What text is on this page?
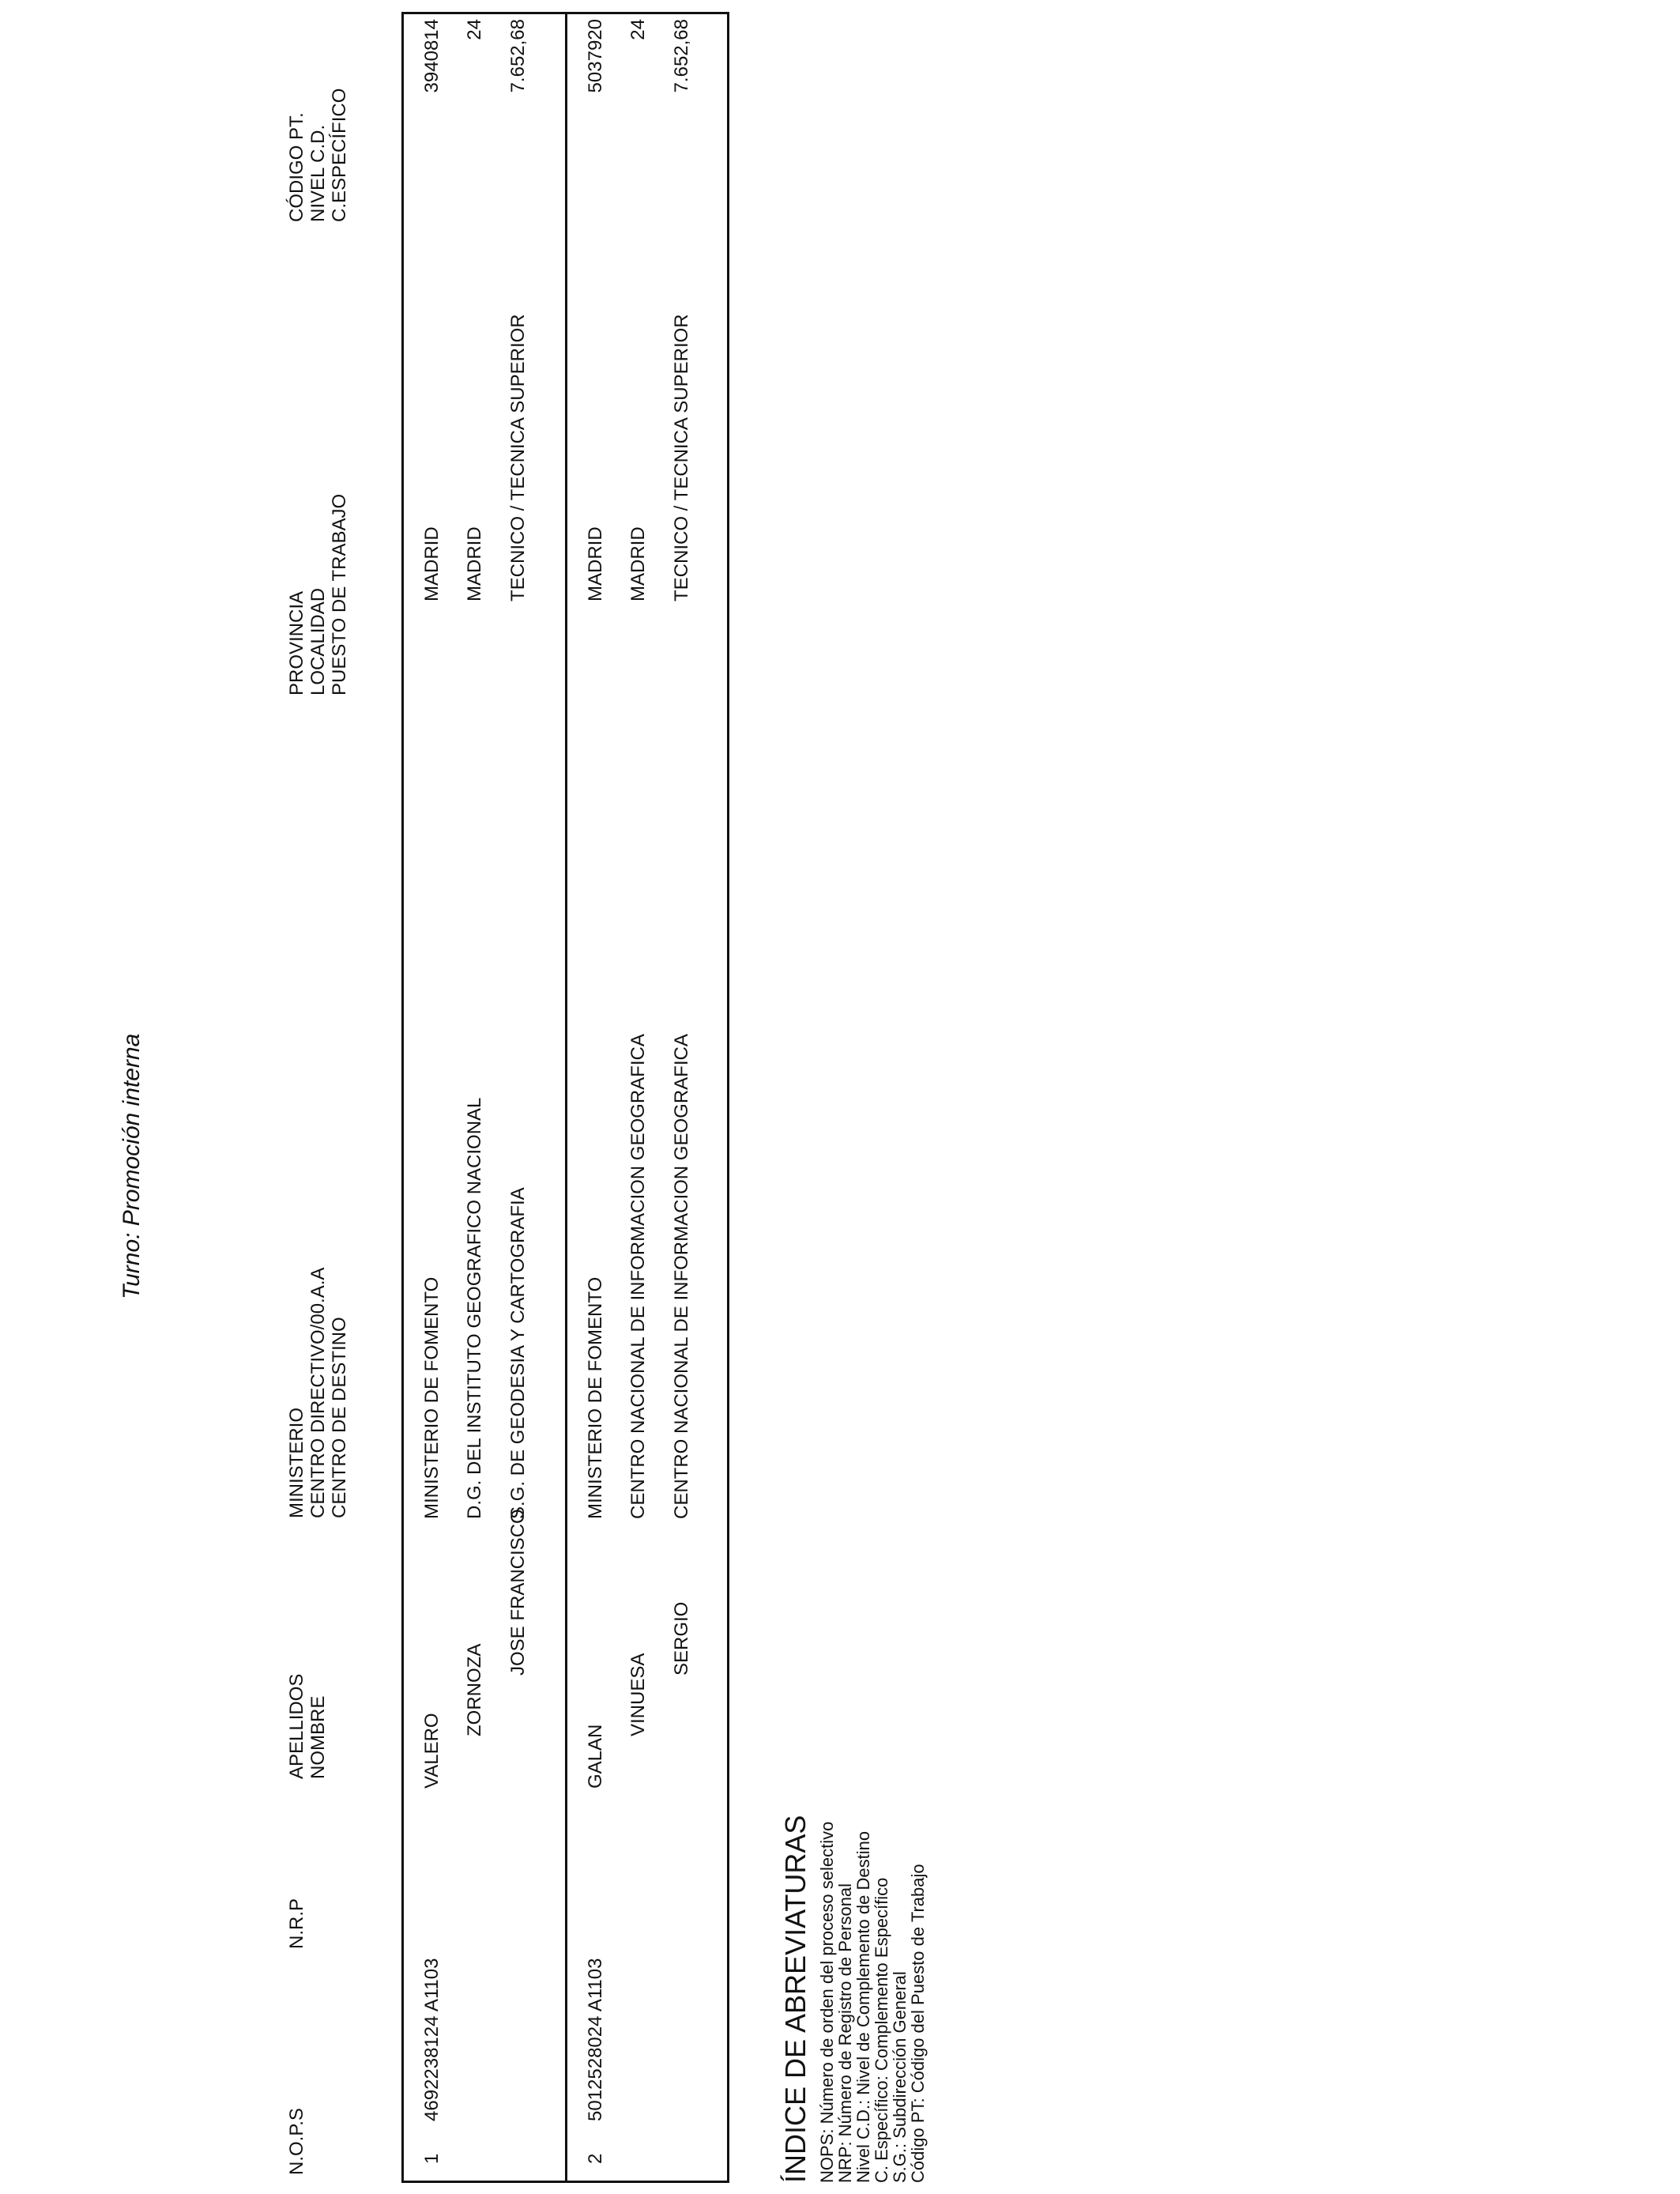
Turno: Promoción interna
N.O.P.S
N.R.P
APELLIDOS NOMBRE
MINISTERIO CENTRO DIRECTIVO/00.A.A CENTRO DE DESTINO
PROVINCIA LOCALIDAD PUESTO DE TRABAJO
CÓDIGO PT. NIVEL C.D. C.ESPECÍFICO
1
4692238124 A1103
VALERO
ZORNOZA
JOSE FRANCISCO
MINISTERIO DE FOMENTO D.G. DEL INSTITUTO GEOGRAFICO NACIONAL S.G. DE GEODESIA Y CARTOGRAFIA
MADRID MADRID TECNICO / TECNICA SUPERIOR
3940814 24 7.652,68
2
5012528024 A1103
GALAN
VINUESA
SERGIO
MINISTERIO DE FOMENTO CENTRO NACIONAL DE INFORMACION GEOGRAFICA CENTRO NACIONAL DE INFORMACION GEOGRAFICA
MADRID MADRID TECNICO / TECNICA SUPERIOR
5037920 24 7.652,68
ÍNDICE DE ABREVIATURAS NOPS: Número de orden del proceso selectivo
NRP: Número de Registro de Personal
Nivel C.D.: Nivel de Complemento de Destino
C. Específico: Complemento Específico
S.G.: Subdirección General
Código PT: Código del Puesto de Trabajo
